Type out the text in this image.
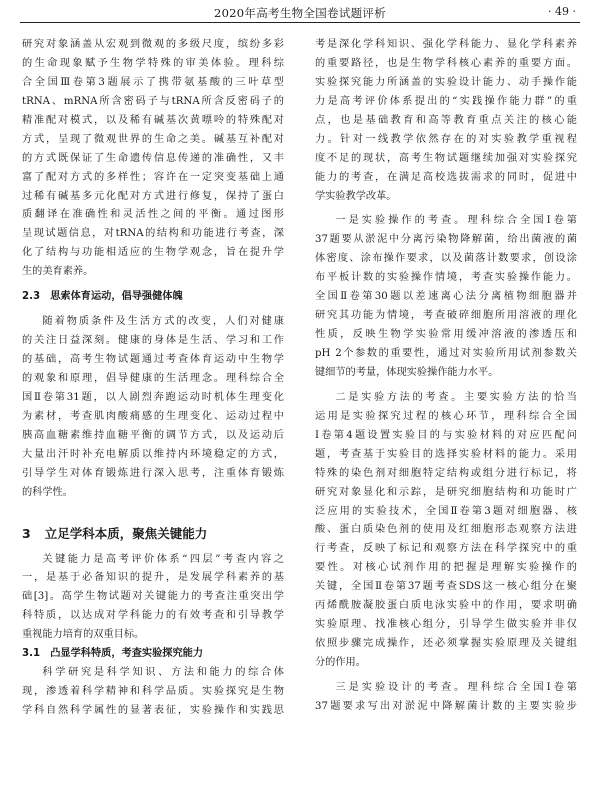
2020年高考生物全国卷试题评析	· 49 ·
研究对象涵盖从宏观到微观的多级尺度，缤纷多彩
的生命现象赋予生物学特殊的审美体验。理科综
合全国Ⅲ卷第3题展示了携带氨基酸的三叶草型
tRNA、mRNA所含密码子与tRNA所含反密码子的
精准配对模式，以及稀有碱基次黄嘌呤的特殊配对
方式，呈现了微观世界的生命之美。碱基互补配对
的方式既保证了生命遗传信息传递的准确性，又丰
富了配对方式的多样性；容许在一定突变基础上通
过稀有碱基多元化配对方式进行修复，保持了蛋白
质翻译在准确性和灵活性之间的平衡。通过图形
呈现试题信息，对tRNA的结构和功能进行考查，深
化了结构与功能相适应的生物学观念，旨在提升学
生的美育素养。
2.3　思索体育运动，倡导强健体魄
随着物质条件及生活方式的改变，人们对健康
的关注日益深刻。健康的身体是生活、学习和工作
的基础，高考生物试题通过考查体育运动中生物学
的观象和原理，倡导健康的生活理念。理科综合全
国Ⅱ卷第31题，以人剧烈奔跑运动时机体生理变化
为素材，考查肌肉酸痛感的生理变化、运动过程中
胰高血糖素维持血糖平衡的调节方式，以及运动后
大量出汗时补充电解质以维持内环境稳定的方式，
引导学生对体育锻炼进行深入思考，注重体育锻炼
的科学性。
3 立足学科本质，聚焦关键能力
关键能力是高考评价体系“四层”考查内容之
一，是基于必备知识的提升，是发展学科素养的基
础[3]。高学生物试题对关键能力的考查注重突出学
科特质，以达成对学科能力的有效考查和引导教学
重视能力培育的双重目标。
3.1　凸显学科特质，考查实验探究能力
科学研究是科学知识、方法和能力的综合体
现，渗透着科学精神和科学品质。实验探究是生物
学科自然科学属性的显著表征，实验操作和实践思
考是深化学科知识、强化学科能力、显化学科素养
的重要路径，也是生物学科核心素养的重要方面。
实验探究能力所涵盖的实验设计能力、动手操作能
力是高考评价体系提出的“实践操作能力群”的重
点，也是基础教育和高等教育重点关注的核心能
力。针对一线教学依然存在的对实验教学重视程
度不足的现状，高考生物试题继续加强对实验探究
能力的考查，在满足高校选拔需求的同时，促进中
学实验教学改革。
一是实验操作的考查。理科综合全国Ⅰ卷第
37题要从淤泥中分离污染物降解菌，给出菌液的菌
体密度、涂布操作要求，以及菌落计数要求，创设涂
布平板计数的实验操作情境，考查实验操作能力。
全国Ⅱ卷第30题以差速离心法分离植物细胞器并
研究其功能为情境，考查破碎细胞所用溶液的理化
性质，反映生物学实验常用缓冲溶液的渗透压和
pH 2个参数的重要性，通过对实验所用试剂参数关
键细节的考量，体现实验操作能力水平。
二是实验方法的考查。主要实验方法的恰当
运用是实验探究过程的核心环节，理科综合全国
Ⅰ卷第4题设置实验目的与实验材料的对应匹配问
题，考查基于实验目的选择实验材料的能力。采用
特殊的染色剂对细胞特定结构或组分进行标记，将
研究对象显化和示踪，是研究细胞结构和功能时广
泛应用的实验技术，全国Ⅱ卷第3题对细胞器、核
酸、蛋白质染色剂的使用及红细胞形态观察方法进
行考查，反映了标记和观察方法在科学探究中的重
要性。对核心试剂作用的把握是理解实验操作的
关键，全国Ⅱ卷第37题考查SDS这一核心组分在聚
丙烯酰胺凝胶蛋白质电泳实验中的作用，要求明确
实验原理、找准核心组分，引导学生做实验并非仅
依照步骤完成操作，还必须掌握实验原理及关键组
分的作用。
三是实验设计的考查。理科综合全国Ⅰ卷第
37题要求写出对淤泥中降解菌计数的主要实验步
